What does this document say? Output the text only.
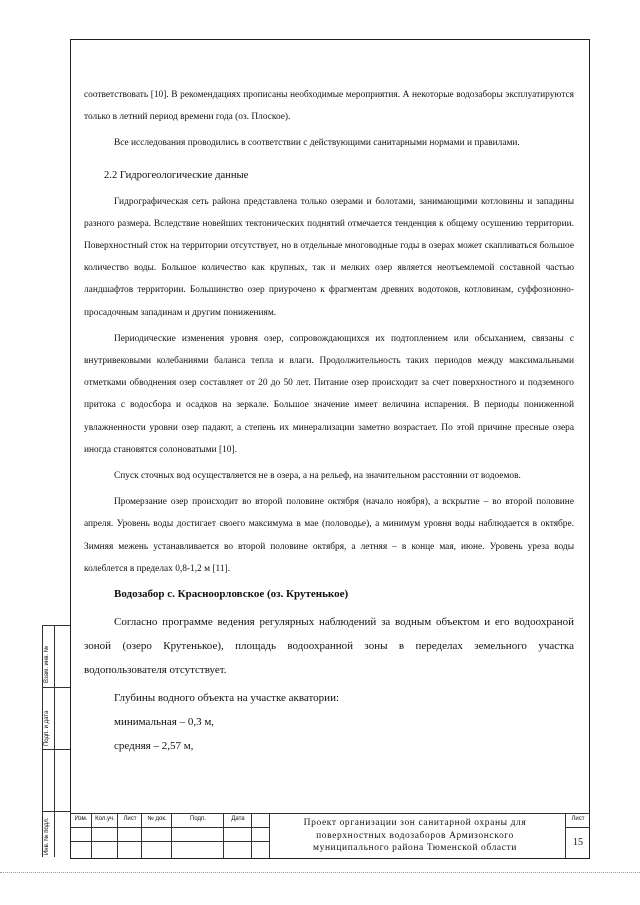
соответствовать [10]. В рекомендациях прописаны необходимые мероприятия. А некоторые водозаборы эксплуатируются только в летний период времени года (оз. Плоское).

Все исследования проводились в соответствии с действующими санитарными нормами и правилами.

2.2 Гидрогеологические данные

Гидрографическая сеть района представлена только озерами и болотами, занимающими котловины и западины разного размера. Вследствие новейших тектонических поднятий отмечается тенденция к общему осушению территории. Поверхностный сток на территории отсутствует, но в отдельные многоводные годы в озерах может скапливаться большое количество воды. Большое количество как крупных, так и мелких озер является неотъемлемой составной частью ландшафтов территории. Большинство озер приурочено к фрагментам древних водотоков, котловинам, суффозионно-просадочным западинам и другим понижениям.

Периодические изменения уровня озер, сопровождающихся их подтоплением или обсыханием, связаны с внутривековыми колебаниями баланса тепла и влаги. Продолжительность таких периодов между максимальными отметками обводнения озер составляет от 20 до 50 лет. Питание озер происходит за счет поверхностного и подземного притока с водосбора и осадков на зеркале. Большое значение имеет величина испарения. В периоды пониженной увлажненности уровни озер падают, а степень их минерализации заметно возрастает. По этой причине пресные озера иногда становятся солоноватыми [10].

Спуск сточных вод осуществляется не в озера, а на рельеф, на значительном расстоянии от водоемов.

Промерзание озер происходит во второй половине октября (начало ноября), а вскрытие – во второй половине апреля. Уровень воды достигает своего максимума в мае (половодье), а минимум уровня воды наблюдается в октябре. Зимняя межень устанавливается во второй половине октября, а летняя – в конце мая, июне. Уровень уреза воды колеблется в пределах 0,8-1,2 м [11].

Водозабор с. Красноорловское (оз. Крутенькое)

Согласно программе ведения регулярных наблюдений за водным объектом и его водоохраной зоной (озеро Крутенькое), площадь водоохранной зоны в переделах земельного участка водопользователя отсутствует.

Глубины водного объекта на участке акватории:

минимальная – 0,3 м,

средняя – 2,57 м,

Взам. инв. №
Подп. и дата
Инв. № подл.	Изм.	Кол.уч.	Лист	№ док.	Подп.	Дата	Проект организации зон санитарной охраны для
поверхностных водозаборов Армизонского
муниципального района Тюменской области
Лист
15
